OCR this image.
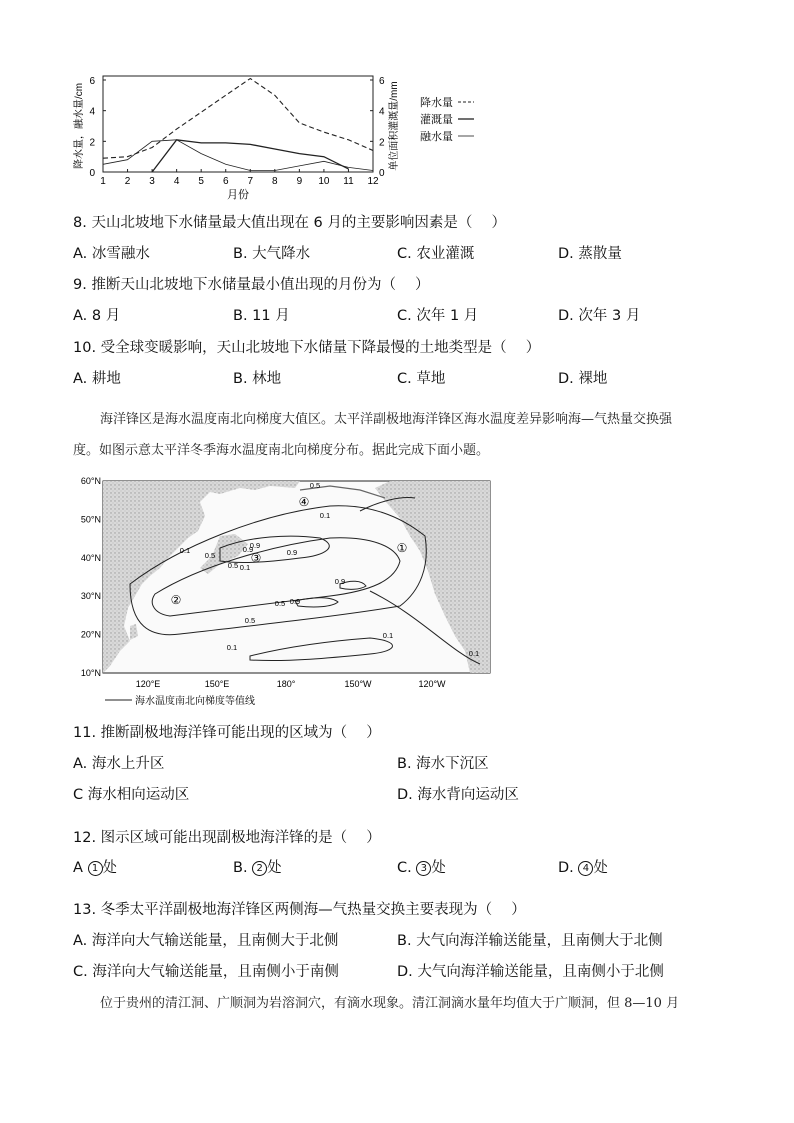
0
2
4
6
0
2
4
6
1 2 3 4 5 6 7 8 9 10 11 12
月份
降水量，融水量/cm	单位面积灌溉量/mm 降水量
灌溉量
融水量
8. 天山北坡地下水储量最大值出现在 6 月的主要影响因素是（　 ）
A. 冰雪融水	B. 大气降水	C. 农业灌溉	D. 蒸散量
9. 推断天山北坡地下水储量最小值出现的月份为（　 ）
A. 8 月	B. 11 月	C. 次年 1 月	D. 次年 3 月
10. 受全球变暖影响，天山北坡地下水储量下降最慢的土地类型是（　 ）
A. 耕地	B. 林地	C. 草地	D. 裸地
海洋锋区是海水温度南北向梯度大值区。太平洋副极地海洋锋区海水温度差异影响海—气热量交换强
度。如图示意太平洋冬季海水温度南北向梯度分布。据此完成下面小题。
60°N
50°N
40°N
30°N
20°N
10°N
120°E	150°E	180°	150°W	120°W
0.5
0.1
0.1
0.5
0.9
0.1
0.5
0.9
0.9
0.9
0.5
0.9
0.5
0.1
0.1
0.1
①
②
③
④
海水温度南北向梯度等值线
11. 推断副极地海洋锋可能出现的区域为（　 ）
A. 海水上升区	B. 海水下沉区
C 海水相向运动区	D. 海水背向运动区
12. 图示区域可能出现副极地海洋锋的是（　 ）
A 1 处	B. 2 处	C. 3 处	D. 4 处
13. 冬季太平洋副极地海洋锋区两侧海—气热量交换主要表现为（　 ）
A. 海洋向大气输送能量，且南侧大于北侧	B. 大气向海洋输送能量，且南侧大于北侧
C. 海洋向大气输送能量，且南侧小于南侧	D. 大气向海洋输送能量，且南侧小于北侧
位于贵州的清江洞、广顺洞为岩溶洞穴，有滴水现象。清江洞滴水量年均值大于广顺洞，但 8—10 月
